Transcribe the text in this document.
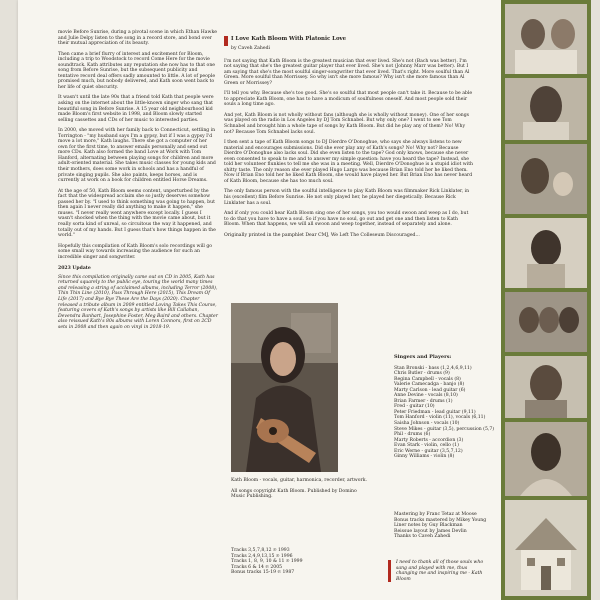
movie Before Sunrise, during a pivotal scene in which Ethan Hawke and Julie Delpy listen to the song in a record store, and bond over their mutual appreciation of its beauty.

Then came a brief flurry of interest and excitement for Bloom, including a trip to Woodstock to record Come Here for the movie soundtrack. Kath attributes any reputation she now has to that one song from Before Sunrise, but the subsequent publicity and tentative record deal offers sadly amounted to little. A lot of people promised much, but nobody delivered, and Kath soon went back to her life of quiet obscurity.

It wasn't until the late 90s that a friend told Kath that people were asking on the internet about the little-known singer who sang that beautiful song in Before Sunrise. A 15 year old neighbourhood kid made Bloom's first website in 1998, and Bloom slowly started selling cassettes and CDs of her music to interested parties.

In 2000, she moved with her family back to Connecticut, settling in Torrington - "my husband says I'm a gypsy, but if I was a gypsy I'd move a lot more," Kath laughs. There she got a computer of her own for the first time, to answer emails personally and send out more CDs. Kath also formed the band Love at Work with Tom Hanford, alternating between playing songs for children and more adult-oriented material. She takes music classes for young kids and their mothers, does some work in schools and has a handful of private singing pupils. She also paints, keeps horses, and is currently at work on a book for children entitled Horse Dreams.

At the age of 50, Kath Bloom seems content, unperturbed by the fact that the widespread acclaim she so justly deserves somehow passed her by. "I used to think something was going to happen, but then again I never really did anything to make it happen," she muses. "I never really went anywhere except locally. I guess I wasn't shocked when the thing with the movie came about, but it really sorta kind of unreal, so circuitous the way it happened, and totally out of my hands. But I guess that's how things happen in the world."

Hopefully this compilation of Kath Bloom's solo recordings will go some small way towards increasing the audience for such an incredible singer and songwriter.

2023 Update

Since this compilation originally came out on CD in 2005, Kath has returned squarely to the public eye, touring the world many times and releasing a string of acclaimed albums, including Terror (2008), Thin Thin Line (2010), Pass Through Here (2015), This Dream Of Life (2017) and Bye Bye These Are the Days (2020). Chapter released a tribute album in 2009 entitled Loving Takes This Course, featuring covers of Kath's songs by artists like Bill Callahan, Devendra Banhart, Josephine Foster, Meg Baird and others. Chapter also reissued Kath's 80s albums with Loren Connors, first on 2CD sets in 2008 and then again on vinyl in 2018-19.

I Love Kath Bloom With Platonic Love
by Caveh Zahedi

I'm not saying that Kath Bloom is the greatest musician that ever lived. She's not (Bach was better). I'm not saying that she's the greatest guitar player that ever lived. She's not (Johnny Marr was better). But I am saying that she's the most soulful singer-songwriter that ever lived. That's right. More soulful than Al Green. More soulful than Morrissey. So why isn't she more famous? Why isn't she more famous than Al Green or Morrissey?

I'll tell you why. Because she's too good. She's so soulful that most people can't take it. Because to be able to appreciate Kath Bloom, one has to have a modicum of soulfulness oneself. And most people sold their souls a long time ago.

And yet, Kath Bloom is not wholly without fans (although she is wholly without money). One of her songs was played on the radio in Los Angeles by DJ Tom Schnabel. But why only one? I went to see Tom Schnabel and brought him a whole tape of songs by Kath Bloom. But did he play any of them? No! Why not? Because Tom Schnabel lacks soul.

I then sent a tape of Kath Bloom songs to DJ Dierdre O'Donoghue, who says she always listens to new material and encourages submissions. Did she ever play any of Kath's songs? No! Why not? Because Dierdre O'Donoghue also lacks soul. Did she even listen to the tape? God only knows, because she never even consented to speak to me and to answer my simple question: have you heard the tape? Instead, she told her volunteer flunkies to tell me she was in a meeting. Well, Dierdre O'Donoghue is a stupid idiot with shitty taste. The only reason she ever played Hugo Largo was because Brian Eno told her he liked them. Now if Brian Eno told her he liked Kath Bloom, she would have played her. But Brian Eno has never heard of Kath Bloom, because she has too much soul.

The only famous person with the soulful intelligence to play Kath Bloom was filmmaker Rick Linklater, in his (excellent) film Before Sunrise. He not only played her, he played her diegetically. Because Rick Linklater has a soul.

And if only you could hear Kath Bloom sing one of her songs, you too would swoon and weep as I do, but to do that you have to have a soul. So if you have no soul, go out and get one and then listen to Kath Bloom. When that happens, we will all swoon and weep together, instead of separately and alone.

Originally printed in the pamphlet Dear CMJ, We Left The Colleseum Discouraged...

Kath Bloom - vocals, guitar, harmonica, recorder, artwork.

All songs copyright Kath Bloom. Published by Domino Music Publishing.

Tracks 3,5,7,8,12 ℗ 1993
Tracks 2,4,9,13,15 ℗ 1996
Tracks 1, 8, 9, 10 & 11 ℗ 1999
Tracks 6 & 14 ℗ 2005
Bonus tracks 15-19 ℗ 1987
Singers and Players:
Stan Bronski - bass (1,2,4,6,9,11)
Chris Butler - drums (9)
Regina Campbell - vocals (8)
Valerie Camecadga - banjo (8)
Marty Carlson - lead guitar (6)
Anne Devine - vocals (8,10)
Brian Farmer - drums (1)
Fred - guitar (10)
Peter Friedman - lead guitar (9,11)
Tom Hanford - violin (11), vocals (6,11)
Saisha Johnson - vocals (10)
Steve Mikes - guitar (3,5), percussion (5,7)
Phil - drums (6)
Marty Roberts - accordion (3)
Evan Stark - violin, cello (1)
Eric Werne - guitar (3,5,7,12)
Ginny Williams - violin (8)
Mastering by Franc Tetaz at Moose
Bonus tracks mastered by Mikey Young
Liner notes by Guy Blackman
Reissue layout by James Devlin
Thanks to Caveh Zahedi
I need to thank all of those souls who sang and played with me, thus changing me and inspiring me - Kath Bloom
